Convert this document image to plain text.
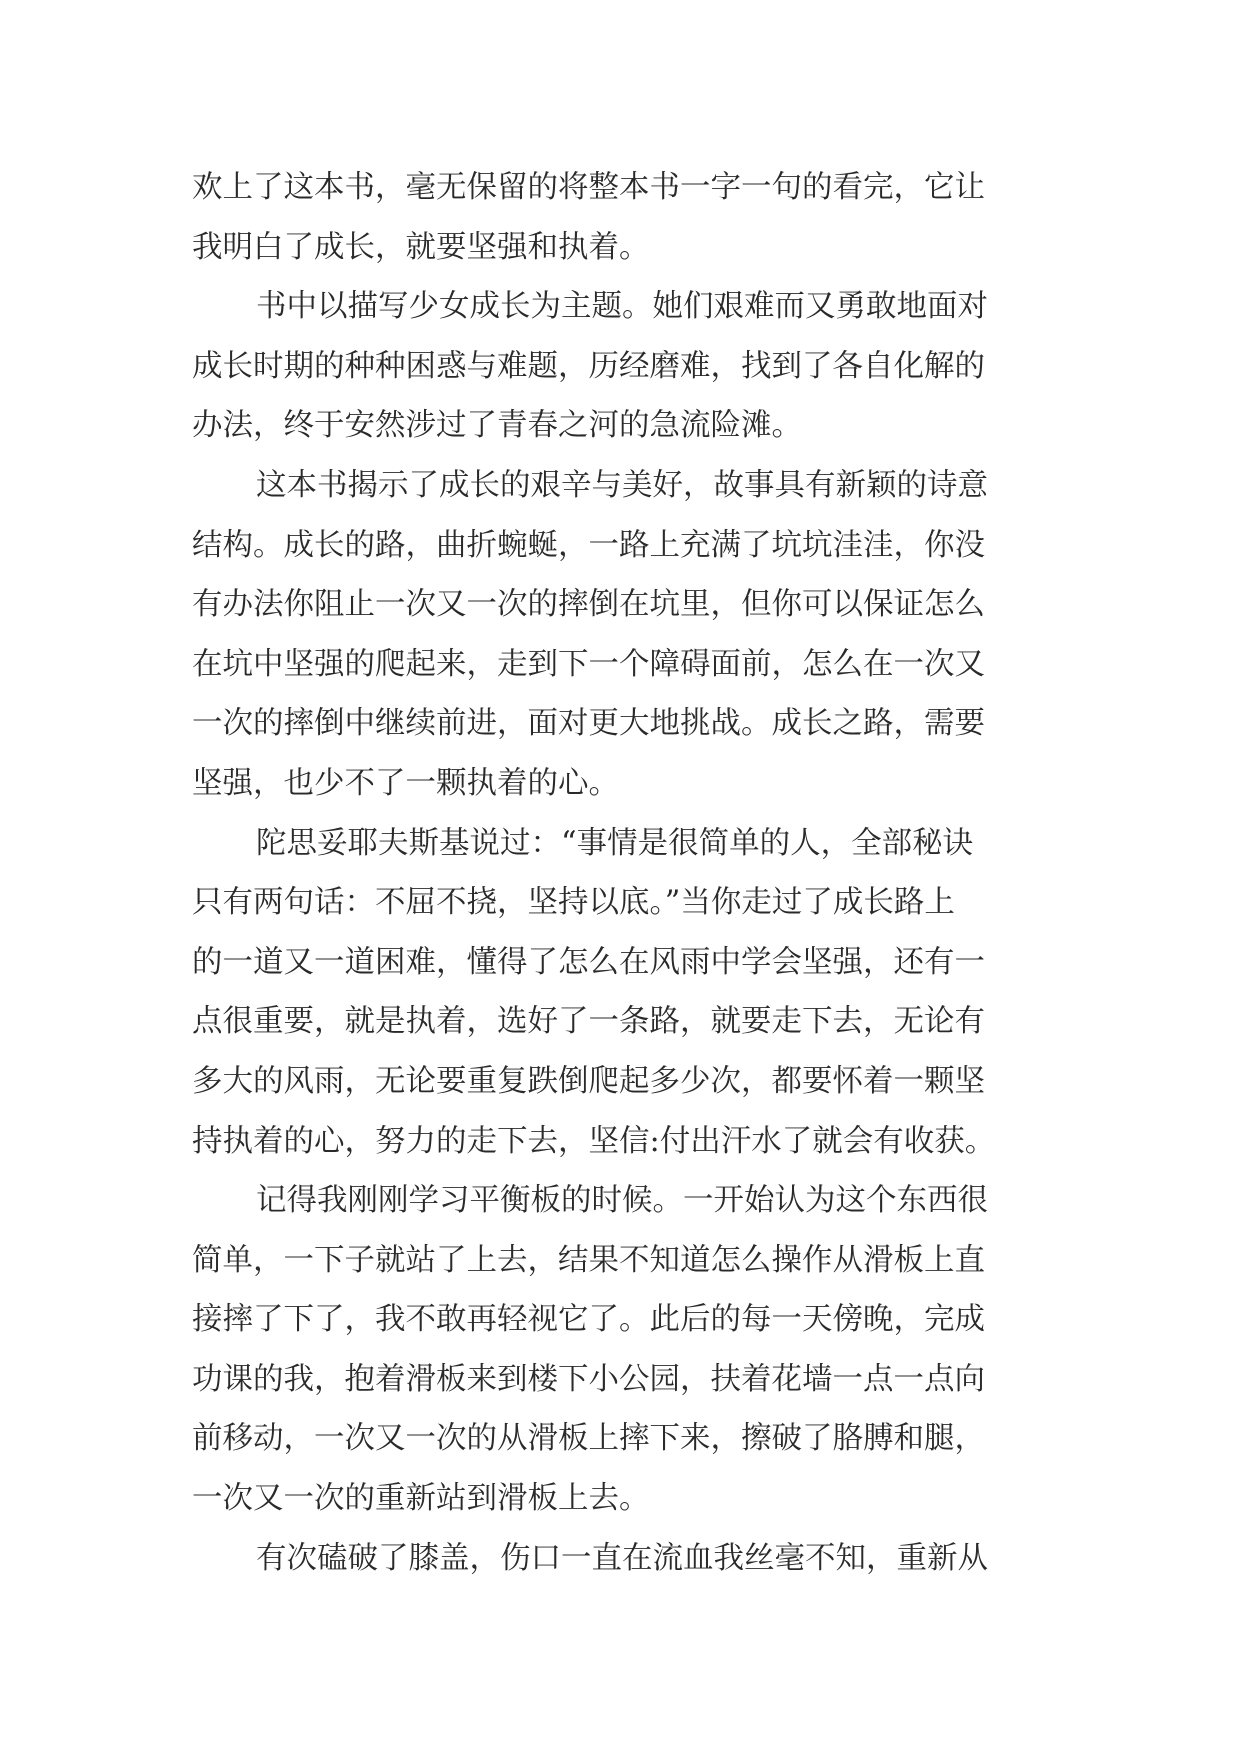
欢上了这本书，毫无保留的将整本书一字一句的看完，它让
我明白了成长，就要坚强和执着。
书中以描写少女成长为主题。她们艰难而又勇敢地面对
成长时期的种种困惑与难题，历经磨难，找到了各自化解的
办法，终于安然涉过了青春之河的急流险滩。
这本书揭示了成长的艰辛与美好，故事具有新颖的诗意
结构。成长的路，曲折蜿蜒，一路上充满了坑坑洼洼，你没
有办法你阻止一次又一次的摔倒在坑里，但你可以保证怎么
在坑中坚强的爬起来，走到下一个障碍面前，怎么在一次又
一次的摔倒中继续前进，面对更大地挑战。成长之路，需要
坚强，也少不了一颗执着的心。
陀思妥耶夫斯基说过：“事情是很简单的人，全部秘诀
只有两句话：不屈不挠，坚持以底。”当你走过了成长路上
的一道又一道困难，懂得了怎么在风雨中学会坚强，还有一
点很重要，就是执着，选好了一条路，就要走下去，无论有
多大的风雨，无论要重复跌倒爬起多少次，都要怀着一颗坚
持执着的心，努力的走下去，坚信:付出汗水了就会有收获。
记得我刚刚学习平衡板的时候。一开始认为这个东西很
简单，一下子就站了上去，结果不知道怎么操作从滑板上直
接摔了下了，我不敢再轻视它了。此后的每一天傍晚，完成
功课的我，抱着滑板来到楼下小公园，扶着花墙一点一点向
前移动，一次又一次的从滑板上摔下来，擦破了胳膊和腿，
一次又一次的重新站到滑板上去。
有次磕破了膝盖，伤口一直在流血我丝毫不知，重新从
